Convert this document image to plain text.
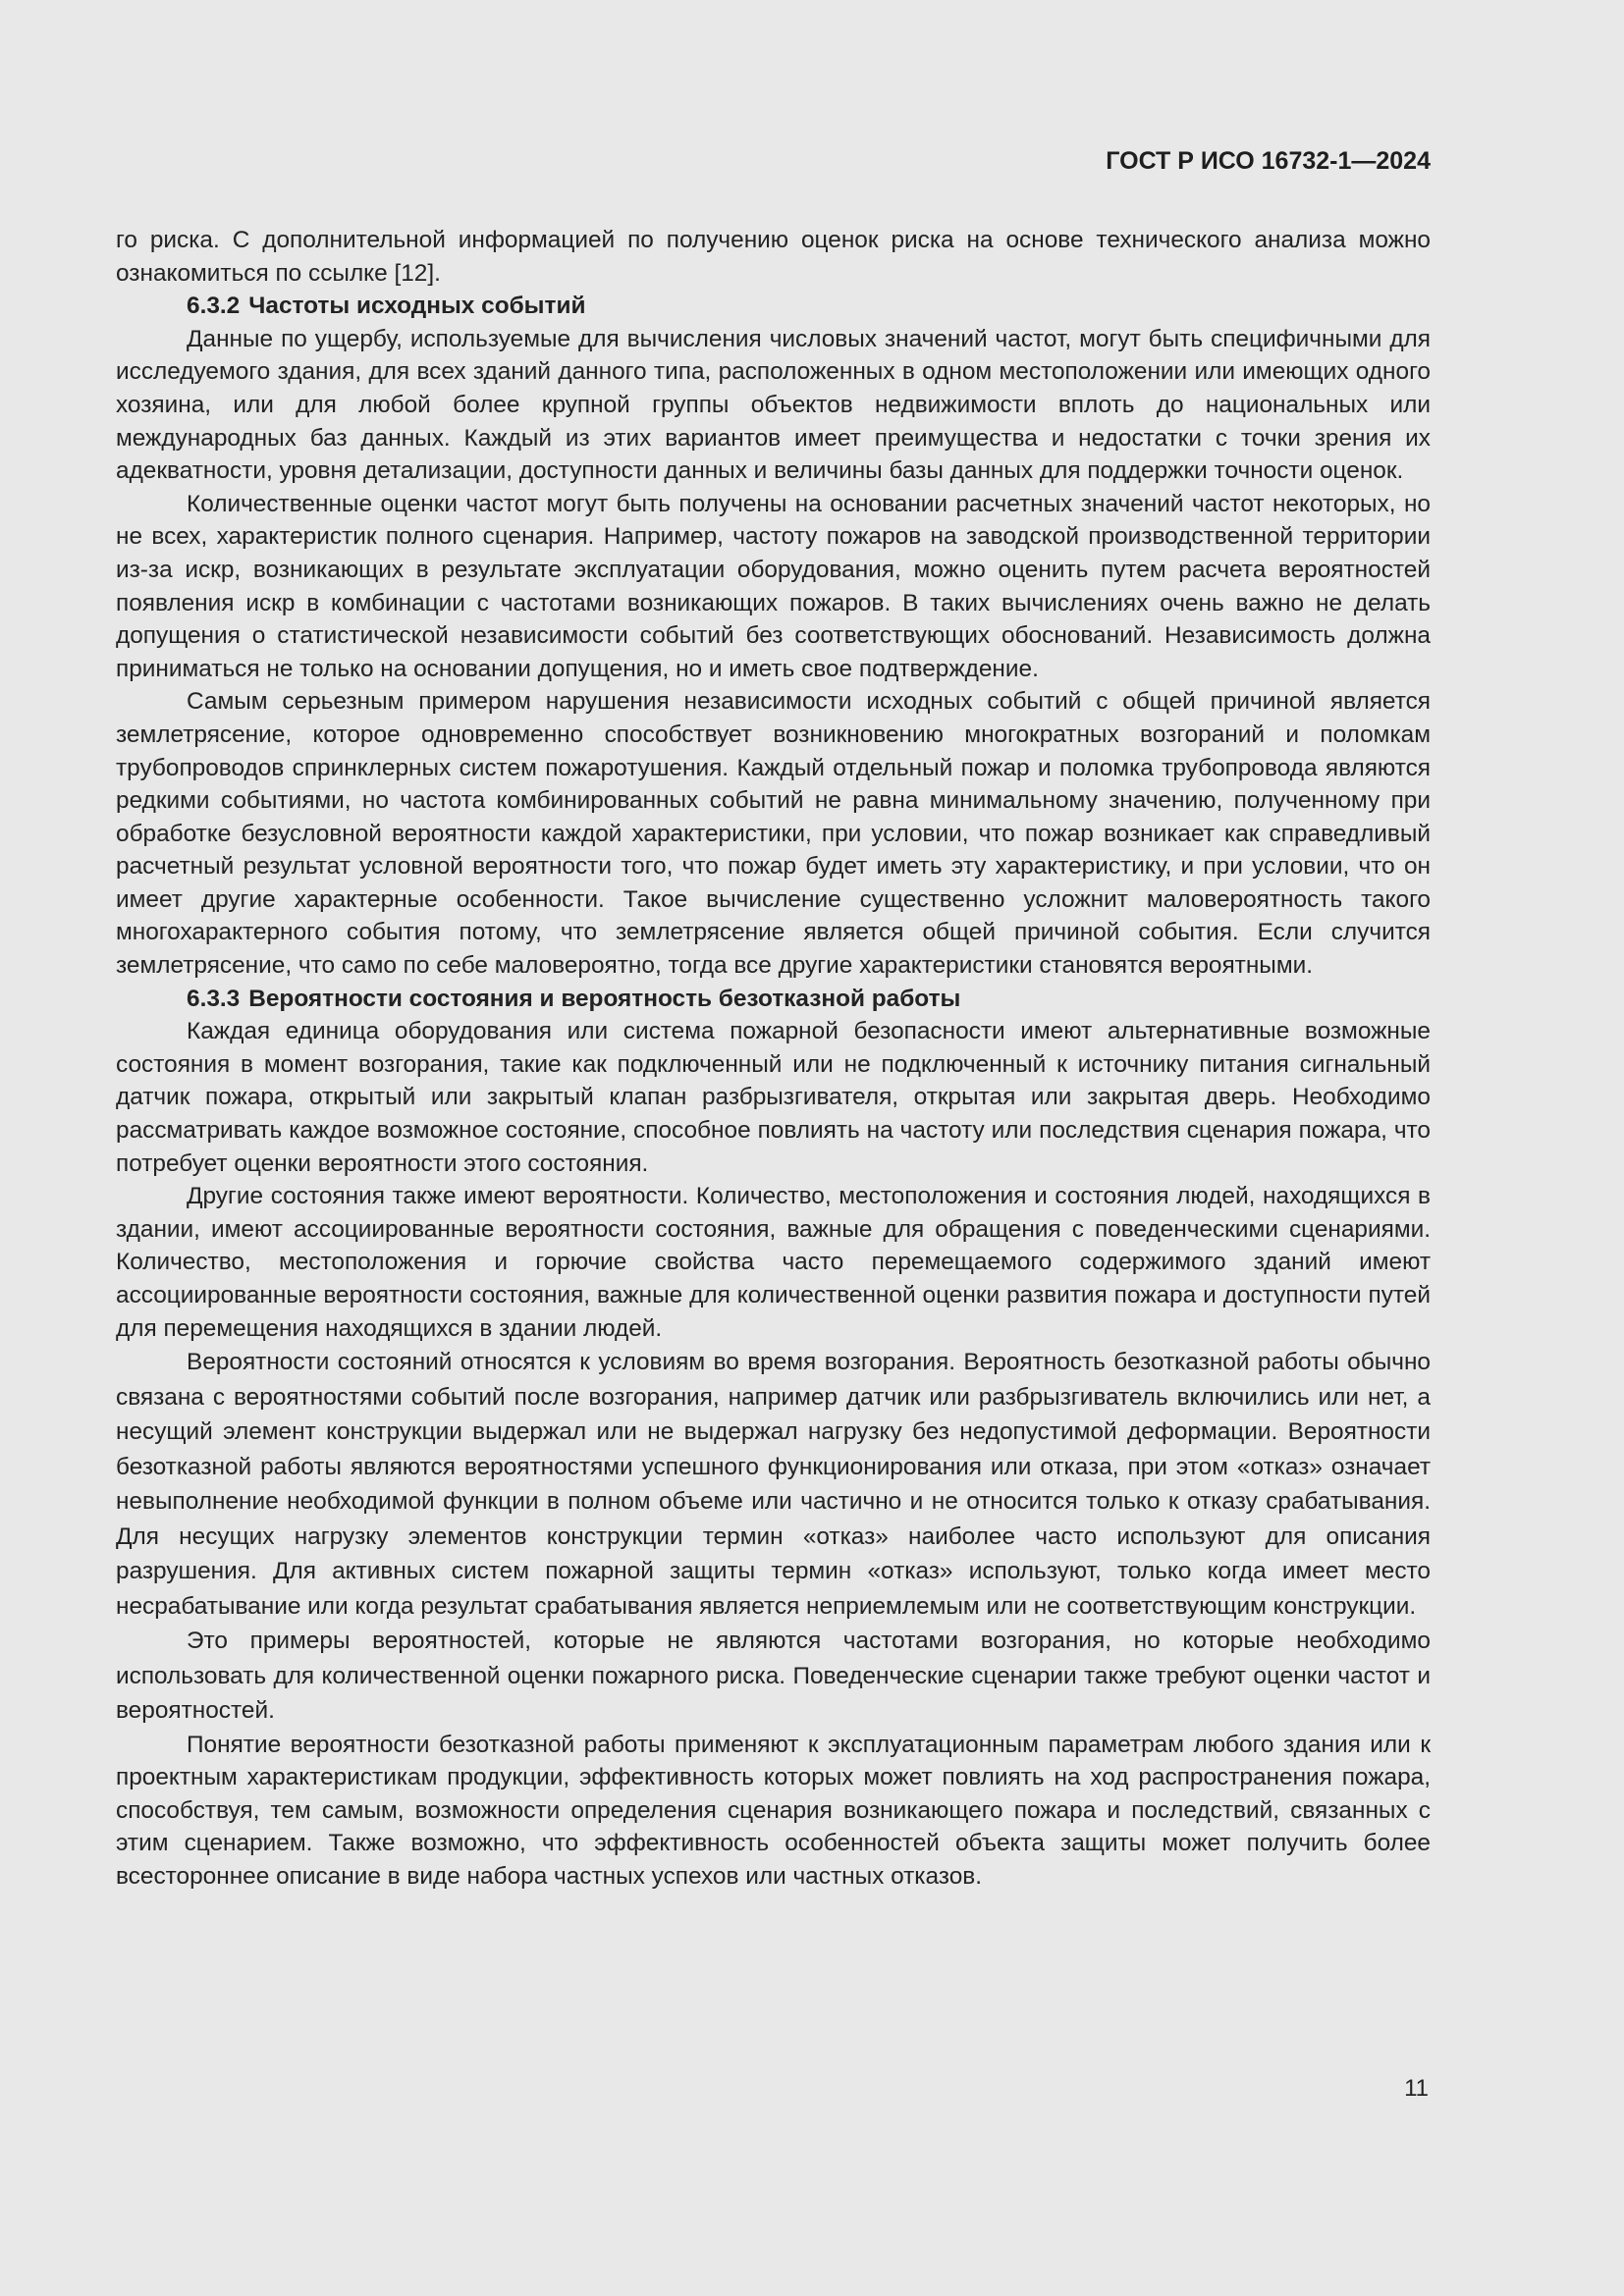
ГОСТ Р ИСО 16732-1—2024

го риска. С дополнительной информацией по получению оценок риска на основе технического анализа можно ознакомиться по ссылке [12].

6.3.2 Частоты исходных событий

Данные по ущербу, используемые для вычисления числовых значений частот, могут быть специфичными для исследуемого здания, для всех зданий данного типа, расположенных в одном местоположении или имеющих одного хозяина, или для любой более крупной группы объектов недвижимости вплоть до национальных или международных баз данных. Каждый из этих вариантов имеет преимущества и недостатки с точки зрения их адекватности, уровня детализации, доступности данных и величины базы данных для поддержки точности оценок.

Количественные оценки частот могут быть получены на основании расчетных значений частот некоторых, но не всех, характеристик полного сценария. Например, частоту пожаров на заводской производственной территории из-за искр, возникающих в результате эксплуатации оборудования, можно оценить путем расчета вероятностей появления искр в комбинации с частотами возникающих пожаров. В таких вычислениях очень важно не делать допущения о статистической независимости событий без соответствующих обоснований. Независимость должна приниматься не только на основании допущения, но и иметь свое подтверждение.

Самым серьезным примером нарушения независимости исходных событий с общей причиной является землетрясение, которое одновременно способствует возникновению многократных возгораний и поломкам трубопроводов спринклерных систем пожаротушения. Каждый отдельный пожар и поломка трубопровода являются редкими событиями, но частота комбинированных событий не равна минимальному значению, полученному при обработке безусловной вероятности каждой характеристики, при условии, что пожар возникает как справедливый расчетный результат условной вероятности того, что пожар будет иметь эту характеристику, и при условии, что он имеет другие характерные особенности. Такое вычисление существенно усложнит маловероятность такого многохарактерного события потому, что землетрясение является общей причиной события. Если случится землетрясение, что само по себе маловероятно, тогда все другие характеристики становятся вероятными.

6.3.3 Вероятности состояния и вероятность безотказной работы

Каждая единица оборудования или система пожарной безопасности имеют альтернативные возможные состояния в момент возгорания, такие как подключенный или не подключенный к источнику питания сигнальный датчик пожара, открытый или закрытый клапан разбрызгивателя, открытая или закрытая дверь. Необходимо рассматривать каждое возможное состояние, способное повлиять на частоту или последствия сценария пожара, что потребует оценки вероятности этого состояния.

Другие состояния также имеют вероятности. Количество, местоположения и состояния людей, находящихся в здании, имеют ассоциированные вероятности состояния, важные для обращения с поведенческими сценариями. Количество, местоположения и горючие свойства часто перемещаемого содержимого зданий имеют ассоциированные вероятности состояния, важные для количественной оценки развития пожара и доступности путей для перемещения находящихся в здании людей.

Вероятности состояний относятся к условиям во время возгорания. Вероятность безотказной работы обычно связана с вероятностями событий после возгорания, например датчик или разбрызгиватель включились или нет, а несущий элемент конструкции выдержал или не выдержал нагрузку без недопустимой деформации. Вероятности безотказной работы являются вероятностями успешного функционирования или отказа, при этом «отказ» означает невыполнение необходимой функции в полном объеме или частично и не относится только к отказу срабатывания. Для несущих нагрузку элементов конструкции термин «отказ» наиболее часто используют для описания разрушения. Для активных систем пожарной защиты термин «отказ» используют, только когда имеет место несрабатывание или когда результат срабатывания является неприемлемым или не соответствующим конструкции.

Это примеры вероятностей, которые не являются частотами возгорания, но которые необходимо использовать для количественной оценки пожарного риска. Поведенческие сценарии также требуют оценки частот и вероятностей.

Понятие вероятности безотказной работы применяют к эксплуатационным параметрам любого здания или к проектным характеристикам продукции, эффективность которых может повлиять на ход распространения пожара, способствуя, тем самым, возможности определения сценария возникающего пожара и последствий, связанных с этим сценарием. Также возможно, что эффективность особенностей объекта защиты может получить более всестороннее описание в виде набора частных успехов или частных отказов.

11
